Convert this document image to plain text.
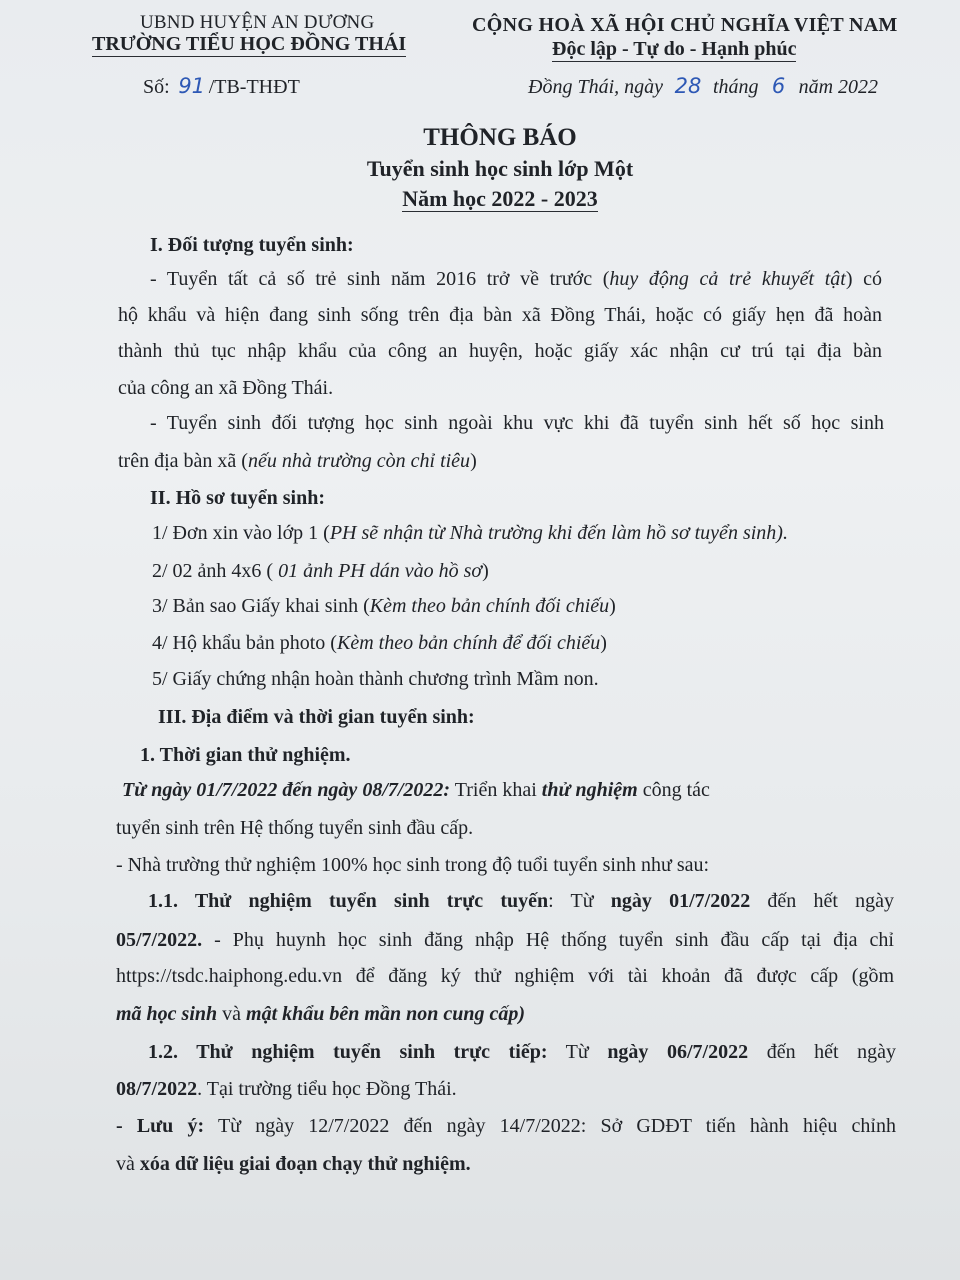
UBND HUYỆN AN DƯƠNG
TRƯỜNG TIỂU HỌC ĐỒNG THÁI
CỘNG HOÀ XÃ HỘI CHỦ NGHĨA VIỆT NAM
Độc lập - Tự do - Hạnh phúc
Số: 91 /TB-THĐT	Đồng Thái, ngày 28 tháng 6 năm 2022
THÔNG BÁO
Tuyển sinh học sinh lớp Một
Năm học 2022 - 2023
I. Đối tượng tuyển sinh:
- Tuyển tất cả số trẻ sinh năm 2016 trở về trước (huy động cả trẻ khuyết tật) có
hộ khẩu và hiện đang sinh sống trên địa bàn xã Đồng Thái, hoặc có giấy hẹn đã hoàn
thành thủ tục nhập khẩu của công an huyện, hoặc giấy xác nhận cư trú tại địa bàn
của công an xã Đồng Thái.
- Tuyển sinh đối tượng học sinh ngoài khu vực khi đã tuyển sinh hết số học sinh
trên địa bàn xã (nếu nhà trường còn chỉ tiêu)
II. Hồ sơ tuyển sinh:
1/ Đơn xin vào lớp 1 (PH sẽ nhận từ Nhà trường khi đến làm hồ sơ tuyển sinh).
2/ 02 ảnh 4x6 ( 01 ảnh PH dán vào hồ sơ)
3/ Bản sao Giấy khai sinh (Kèm theo bản chính đối chiếu)
4/ Hộ khẩu bản photo (Kèm theo bản chính để đối chiếu)
5/ Giấy chứng nhận hoàn thành chương trình Mầm non.
III. Địa điểm và thời gian tuyển sinh:
1. Thời gian thử nghiệm.
Từ ngày 01/7/2022 đến ngày 08/7/2022: Triển khai thử nghiệm công tác
tuyển sinh trên Hệ thống tuyển sinh đầu cấp.
- Nhà trường thử nghiệm 100% học sinh trong độ tuổi tuyển sinh như sau:
1.1. Thử nghiệm tuyển sinh trực tuyến: Từ ngày 01/7/2022 đến hết ngày
05/7/2022. - Phụ huynh học sinh đăng nhập Hệ thống tuyển sinh đầu cấp tại địa chỉ
https://tsdc.haiphong.edu.vn để đăng ký thử nghiệm với tài khoản đã được cấp (gồm
mã học sinh và mật khẩu bên mần non cung cấp)
1.2. Thử nghiệm tuyển sinh trực tiếp: Từ ngày 06/7/2022 đến hết ngày
08/7/2022. Tại trường tiểu học Đồng Thái.
- Lưu ý: Từ ngày 12/7/2022 đến ngày 14/7/2022: Sở GDĐT tiến hành hiệu chỉnh
và xóa dữ liệu giai đoạn chạy thử nghiệm.
